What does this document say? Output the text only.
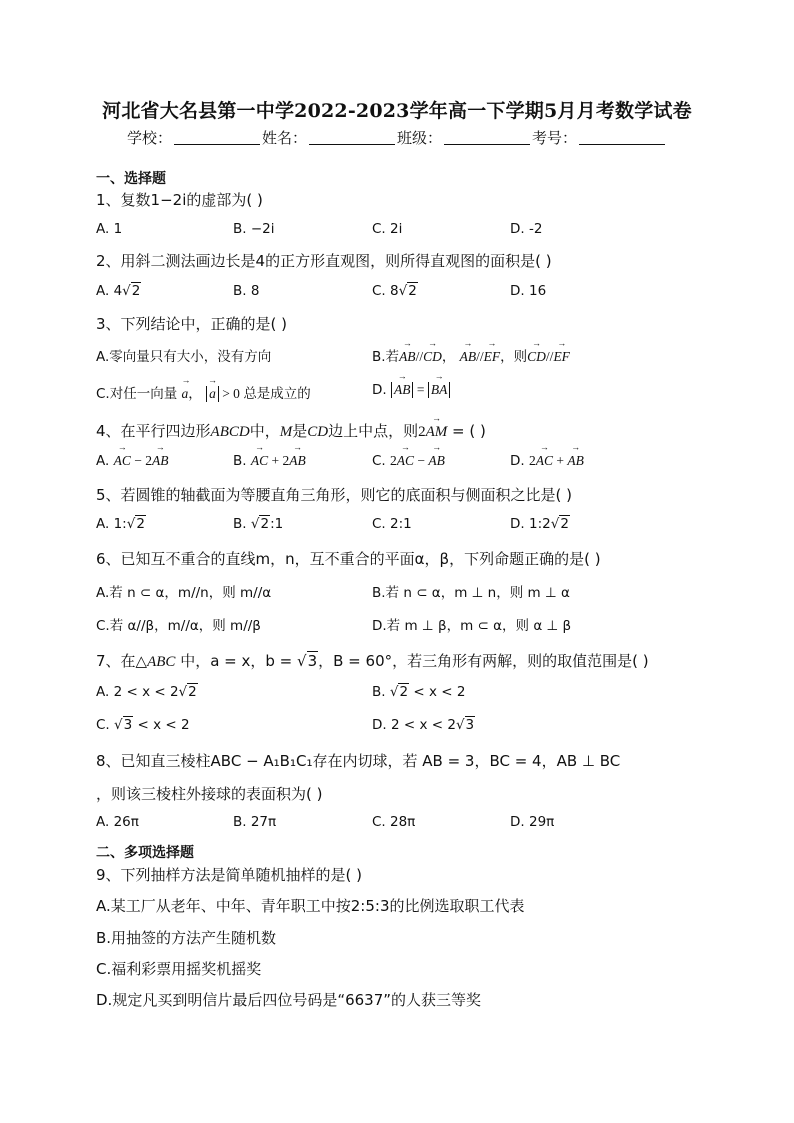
河北省大名县第一中学2022-2023学年高一下学期5月月考数学试卷
学校：	姓名：	班级：	考号：
一、选择题
1、复数1−2i的虚部为( )
A. 1	B. −2i	C. 2i	D. -2
2、用斜二测法画边长是4的正方形直观图，则所得直观图的面积是( )
A. 4 √ 2	B. 8	C. 8 √ 2	D. 16
3、下列结论中，正确的是( )
A.零向量只有大小，没有方向	B.若→ AB//→ CD， → AB//→ EF，则→ CD//→ EF
C.对任一向量 → a， → a > 0 总是成立的	D. → AB = → BA
4、在平行四边形ABCD中，M是CD边上中点，则2→ AM = ( )
A. → AC − 2→ AB	B. → AC + 2→ AB	C. 2→ AC − → AB	D. 2→ AC + → AB
5、若圆锥的轴截面为等腰直角三角形，则它的底面积与侧面积之比是( )
A. 1: √ 2	B. √ 2:1	C. 2:1	D. 1:2 √ 2
6、已知互不重合的直线m，n，互不重合的平面α，β，下列命题正确的是( )
A.若 n ⊂ α，m//n，则 m//α	B.若 n ⊂ α，m ⊥ n，则 m ⊥ α
C.若 α//β，m//α，则 m//β	D.若 m ⊥ β，m ⊂ α，则 α ⊥ β
7、在△ABC 中，a = x，b = √ 3，B = 60°，若三角形有两解，则的取值范围是( )
A. 2 < x < 2 √ 2	B. √ 2 < x < 2
C. √ 3 < x < 2	D. 2 < x < 2 √ 3
8、已知直三棱柱ABC − A₁B₁C₁存在内切球，若 AB = 3，BC = 4，AB ⊥ BC
，则该三棱柱外接球的表面积为( )
A. 26π	B. 27π	C. 28π	D. 29π
二、多项选择题
9、下列抽样方法是简单随机抽样的是( )
A.某工厂从老年、中年、青年职工中按2:5:3的比例选取职工代表
B.用抽签的方法产生随机数
C.福利彩票用摇奖机摇奖
D.规定凡买到明信片最后四位号码是“6637”的人获三等奖
